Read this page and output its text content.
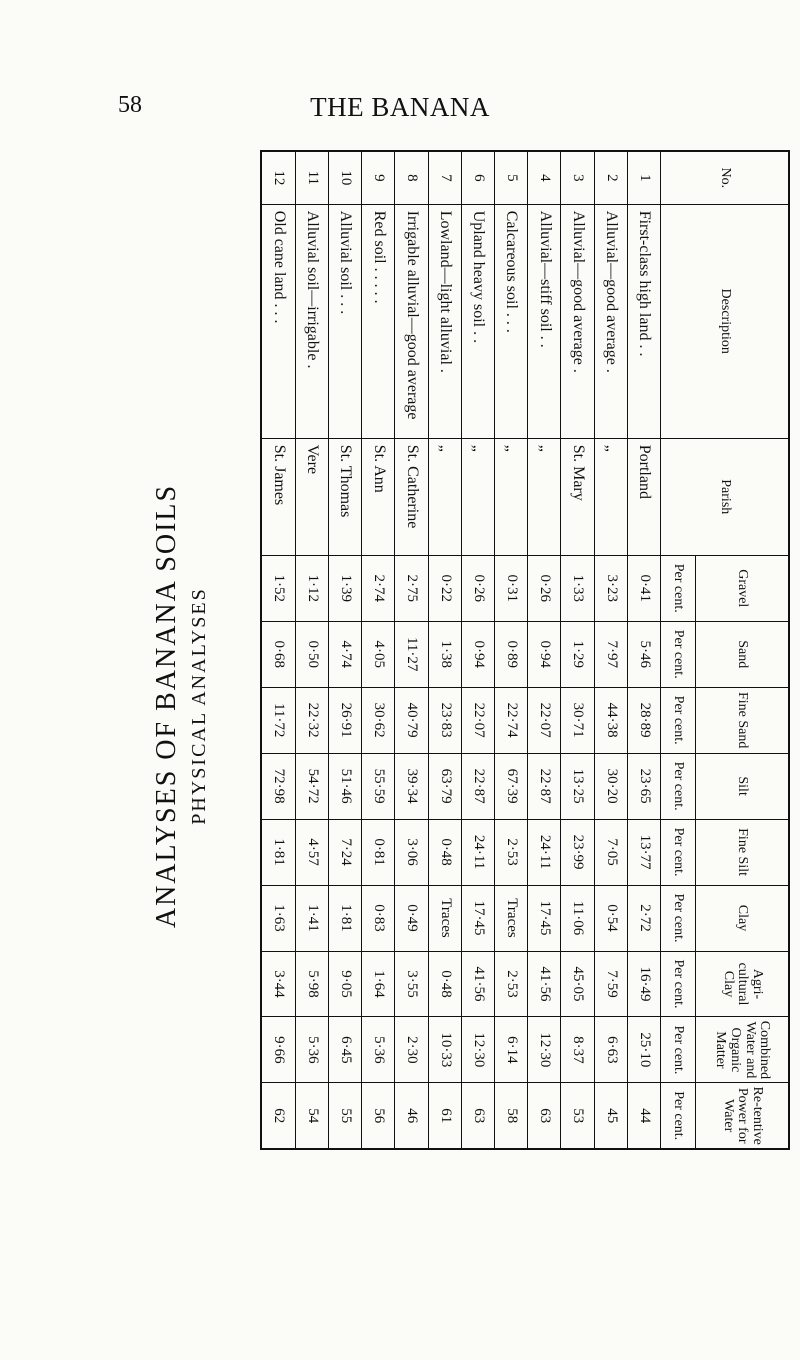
58	THE BANANA
ANALYSES OF BANANA SOILS PHYSICAL ANALYSES
No.	Description	Parish	Gravel	Sand	Fine Sand	Silt	Fine Silt	Clay	Agri-cultural Clay	Combined Water and Organic Matter	Re-tentive Power for Water
			Per cent.	Per cent.	Per cent.	Per cent.	Per cent.	Per cent.	Per cent.	Per cent.	Per cent.
1	First-class high land . .	Portland	0·41	5·46	28·89	23·65	13·77	2·72	16·49	25·10	44
2	Alluvial—good average .	„	3·23	7·97	44·38	30·20	7·05	0·54	7·59	6·63	45
3	Alluvial—good average .	St. Mary	1·33	1·29	30·71	13·25	23·99	11·06	45·05	8·37	53
4	Alluvial—stiff soil . .	„	0·26	0·94	22·07	22·87	24·11	17·45	41·56	12·30	63
5	Calcareous soil . . .	„	0·31	0·89	22·74	67·39	2·53	Traces	2·53	6·14	58
6	Upland heavy soil . .	„	0·26	0·94	22·07	22·87	24·11	17·45	41·56	12·30	63
7	Lowland—light alluvial .	„	0·22	1·38	23·83	63·79	0·48	Traces	0·48	10·33	61
8	Irrigable alluvial—good average	St. Catherine	2·75	11·27	40·79	39·34	3·06	0·49	3·55	2·30	46
9	Red soil . . . . .	St. Ann	2·74	4·05	30·62	55·59	0·81	0·83	1·64	5·36	56
10	Alluvial soil . . .	St. Thomas	1·39	4·74	26·91	51·46	7·24	1·81	9·05	6·45	55
11	Alluvial soil—irrigable .	Vere	1·12	0·50	22·32	54·72	4·57	1·41	5·98	5·36	54
12	Old cane land . . .	St. James	1·52	0·68	11·72	72·98	1·81	1·63	3·44	9·66	62
